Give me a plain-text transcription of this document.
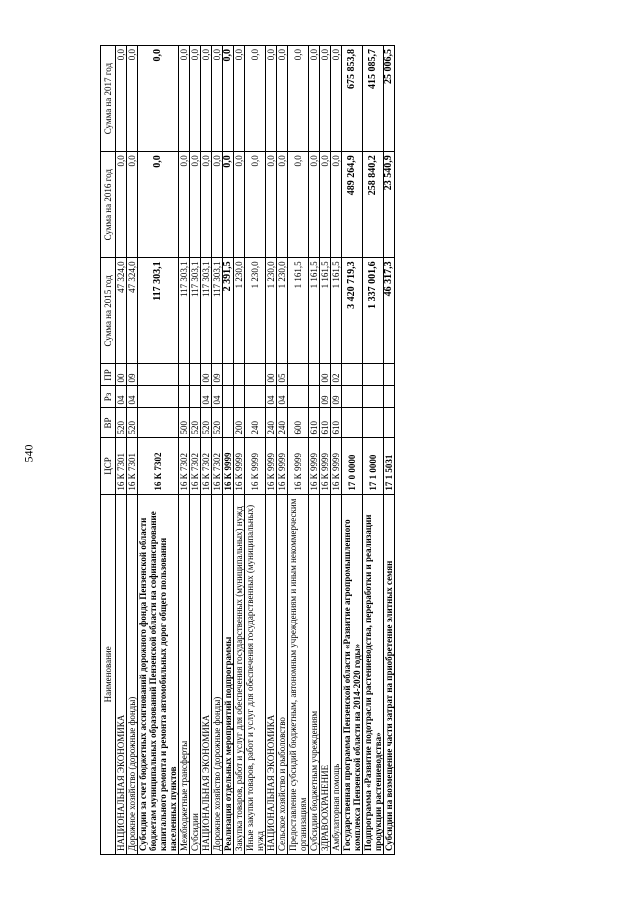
540
Наименование	ЦСР	ВР	Рз	ПР	Сумма на 2015 год	Сумма на 2016 год	Сумма на 2017 год
НАЦИОНАЛЬНАЯ ЭКОНОМИКА	16 К 7301	520	04	00	47 324,0	0,0	0,0
Дорожное хозяйство (дорожные фонды)	16 К 7301	520	04	09	47 324,0	0,0	0,0
Субсидии за счет бюджетных ассигнований дорожного фонда Пензенской области бюджетам муниципальных образований Пензенской области на софинансирование капитального ремонта и ремонта автомобильных дорог общего пользования населенных пунктов	16 К 7302				117 303,1	0,0	0,0
Межбюджетные трансферты	16 К 7302	500			117 303,1	0,0	0,0
Субсидии	16 К 7302	520			117 303,1	0,0	0,0
НАЦИОНАЛЬНАЯ ЭКОНОМИКА	16 К 7302	520	04	00	117 303,1	0,0	0,0
Дорожное хозяйство (дорожные фонды)	16 К 7302	520	04	09	117 303,1	0,0	0,0
Реализация отдельных мероприятий подпрограммы	16 К 9999				2 391,5	0,0	0,0
Закупка товаров, работ и услуг для обеспечения государственных (муниципальных) нужд	16 К 9999	200			1 230,0	0,0	0,0
Иные закупки товаров, работ и услуг для обеспечения государственных (муниципальных) нужд	16 К 9999	240			1 230,0	0,0	0,0
НАЦИОНАЛЬНАЯ ЭКОНОМИКА	16 К 9999	240	04	00	1 230,0	0,0	0,0
Сельское хозяйство и рыболовство	16 К 9999	240	04	05	1 230,0	0,0	0,0
Предоставление субсидий бюджетным, автономным учреждениям и иным некоммерческим организациям	16 К 9999	600			1 161,5	0,0	0,0
Субсидии бюджетным учреждениям	16 К 9999	610			1 161,5	0,0	0,0
ЗДРАВООХРАНЕНИЕ	16 К 9999	610	09	00	1 161,5	0,0	0,0
Амбулаторная помощь	16 К 9999	610	09	02	1 161,5	0,0	0,0
Государственная программа Пензенской области «Развитие агропромышленного комплекса Пензенской области на 2014-2020 годы»	17 0 0000				3 420 719,3	489 264,9	675 853,8
Подпрограмма «Развитие подотрасли растениеводства, переработки и реализации продукции растениеводства»	17 1 0000				1 337 001,6	258 840,2	415 085,7
Субсидии на возмещение части затрат на приобретение элитных семян	17 1 5031				46 317,3	23 540,9	25 006,5
